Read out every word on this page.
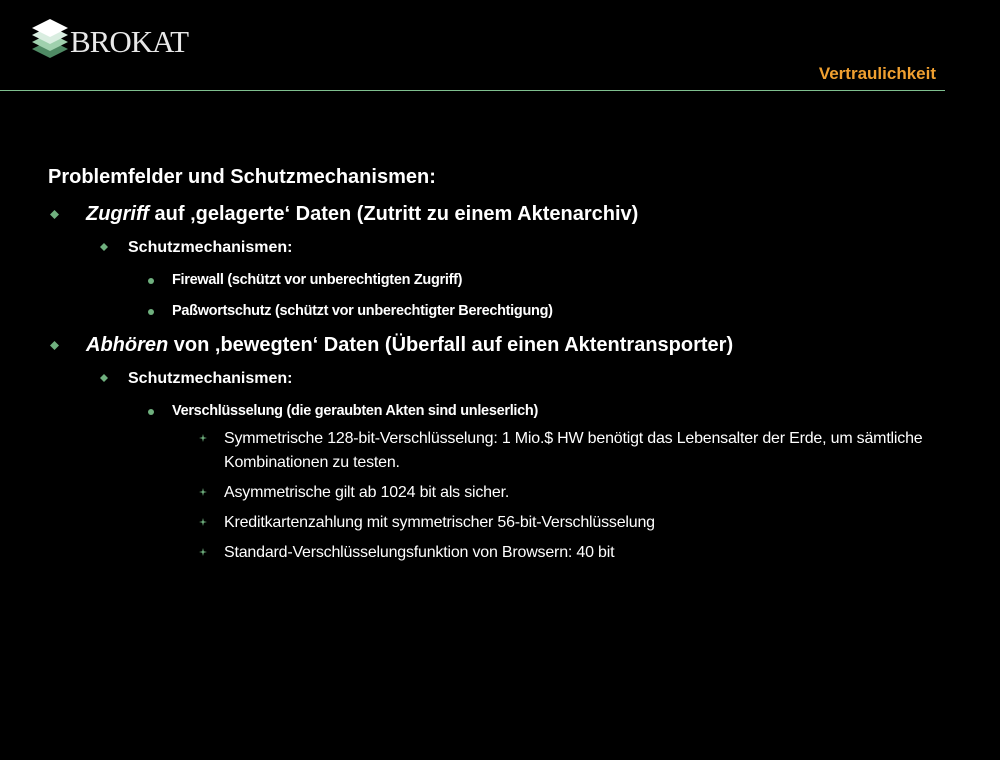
BROKAT
Vertraulichkeit
Problemfelder und Schutzmechanismen:
Zugriff auf ‚gelagerte‘ Daten (Zutritt zu einem Aktenarchiv)
Schutzmechanismen:
Firewall (schützt vor unberechtigten Zugriff)
Paßwortschutz (schützt vor unberechtigter Berechtigung)
Abhören von ‚bewegten‘ Daten (Überfall auf einen Aktentransporter)
Schutzmechanismen:
Verschlüsselung (die geraubten Akten sind unleserlich)
Symmetrische 128-bit-Verschlüsselung: 1 Mio.$ HW benötigt das Lebensalter der Erde, um sämtliche Kombinationen zu testen.
Asymmetrische gilt ab 1024 bit als sicher.
Kreditkartenzahlung mit symmetrischer 56-bit-Verschlüsselung
Standard-Verschlüsselungsfunktion von Browsern: 40 bit
